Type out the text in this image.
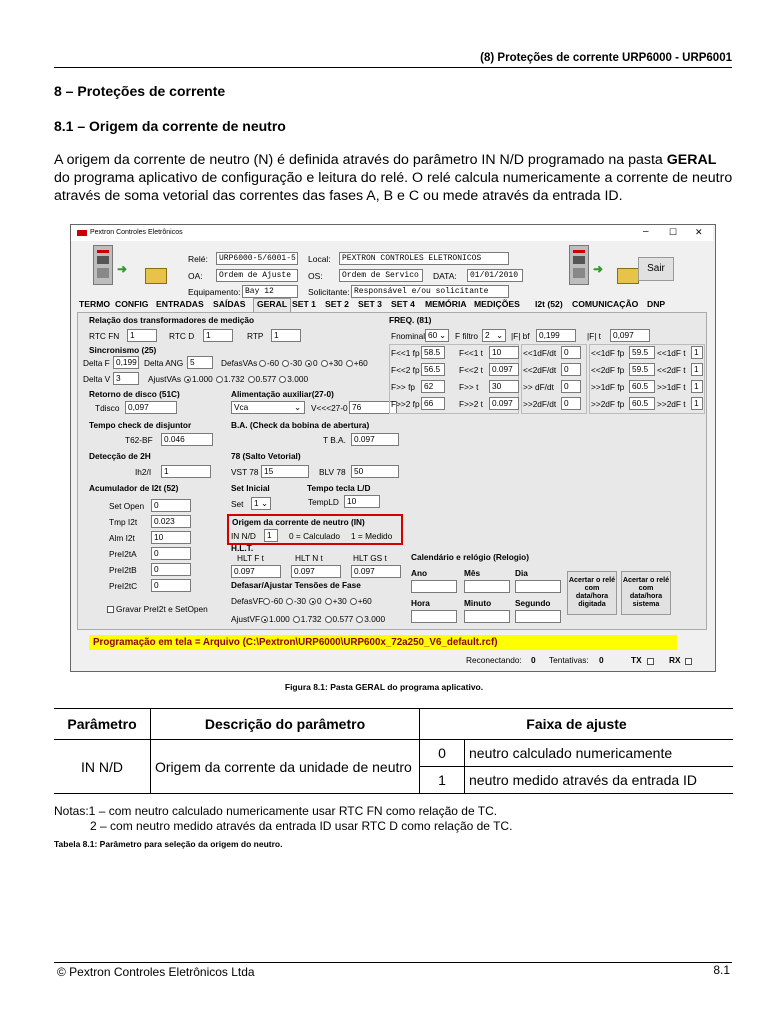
(8) Proteções de corrente URP6000 - URP6001
8 – Proteções de corrente
8.1 – Origem da corrente de neutro

A origem da corrente de neutro (N) é definida através do parâmetro IN N/D programado na pasta GERAL do programa aplicativo de configuração e leitura do relé. O relé calcula numericamente a corrente de neutro através de soma vetorial das correntes das fases A, B e C ou mede através da entrada ID.

Pextron Controles Eletrônicos	– ☐ ✕
➜	➜
Relé:	URP6000-5/6001-5 Local:	PEXTRON CONTROLES ELETRONICOS
OA:	Ordem de Ajuste	OS:	Ordem de Servico	DATA:	01/01/2010
Equipamento: Bay 12	Solicitante: Responsável e/ou solicitante
Sair
TERMO CONFIG ENTRADAS SAÍDAS	GERAL SET 1 SET 2 SET 3 SET 4 MEMÓRIA MEDIÇÕES I2t (52) COMUNICAÇÃO DNP
Relação dos transformadores de medição
RTC FN	1	RTC D	1	RTP	1
Sincronismo (25)
Delta F 0,199 Delta ANG 5	DefasVAs	-60 -30 0 +30 +60
Delta V 3	AjustVAs	1.000 1.732 0.577 3.000
Retorno de disco (51C)
Tdisco	0,097
Alimentação auxiliar(27-0)
Vca	⌄ V<<<27-0 76
FREQ. (81)
Fnominal 60 ⌄ F filtro 2 ⌄ |F| bf	0,199	|F| t	0,097
F<<1 fp 58.5	F<<1 t	10	<<1dF/dt 0	<<1dF fp 59.5	<<1dF t	1
F<<2 fp 56.5	F<<2 t	0.097	<<2dF/dt 0	<<2dF fp 59.5	<<2dF t	1
F>> fp	62	F>> t	30	>> dF/dt	0	>>1dF fp 60.5	>>1dF t	1
F>>2 fp 66	F>>2 t	0.097	>>2dF/dt 0	>>2dF fp 60.5	>>2dF t	1
Tempo check de disjuntor
T62-BF	0.046
B.A. (Check da bobina de abertura)
T B.A. 0.097
Detecção de 2H
Ih2/I	1
78 (Salto Vetorial)
VST 78 15	BLV 78	50
Acumulador de I2t (52)
Set Open	0
Tmp I2t	0.023
Alm I2t	10
PreI2tA	0
PreI2tB	0
PreI2tC	0
Gravar PreI2t e SetOpen
Set Inicial
Set	1 ⌄
Tempo tecla L/D
TempLD 10
Origem da corrente de neutro (IN)
IN N/D	1	0 = Calculado 1 = Medido
H.L.T.
HLT F t	HLT N t	HLT GS t
0.097	0.097	0.097
Defasar/Ajustar Tensões de Fase
DefasVF -60 -30 0 +30 +60
AjustVF	1.000 1.732 0.577 3.000
Calendário e relógio (Relogio)
Ano	Mês	Dia
Hora	Minuto	Segundo
Acertar o relé com data/hora digitada
Acertar o relé com data/hora sistema
Programação em tela = Arquivo (C:\Pextron\URP6000\URP600x_72a250_V6_default.rcf)
Reconectando: 0 Tentativas: 0	TX	RX
Figura 8.1: Pasta GERAL do programa aplicativo.
Parâmetro	Descrição do parâmetro	Faixa de ajuste	
IN N/D	Origem da corrente da unidade de neutro	0	neutro calculado numericamente
		1	neutro medido através da entrada ID
Notas:1 – com neutro calculado numericamente usar RTC FN como relação de TC.
2 – com neutro medido através da entrada ID usar RTC D como relação de TC.
Tabela 8.1: Parâmetro para seleção da origem do neutro.
© Pextron Controles Eletrônicos Ltda	8.1
